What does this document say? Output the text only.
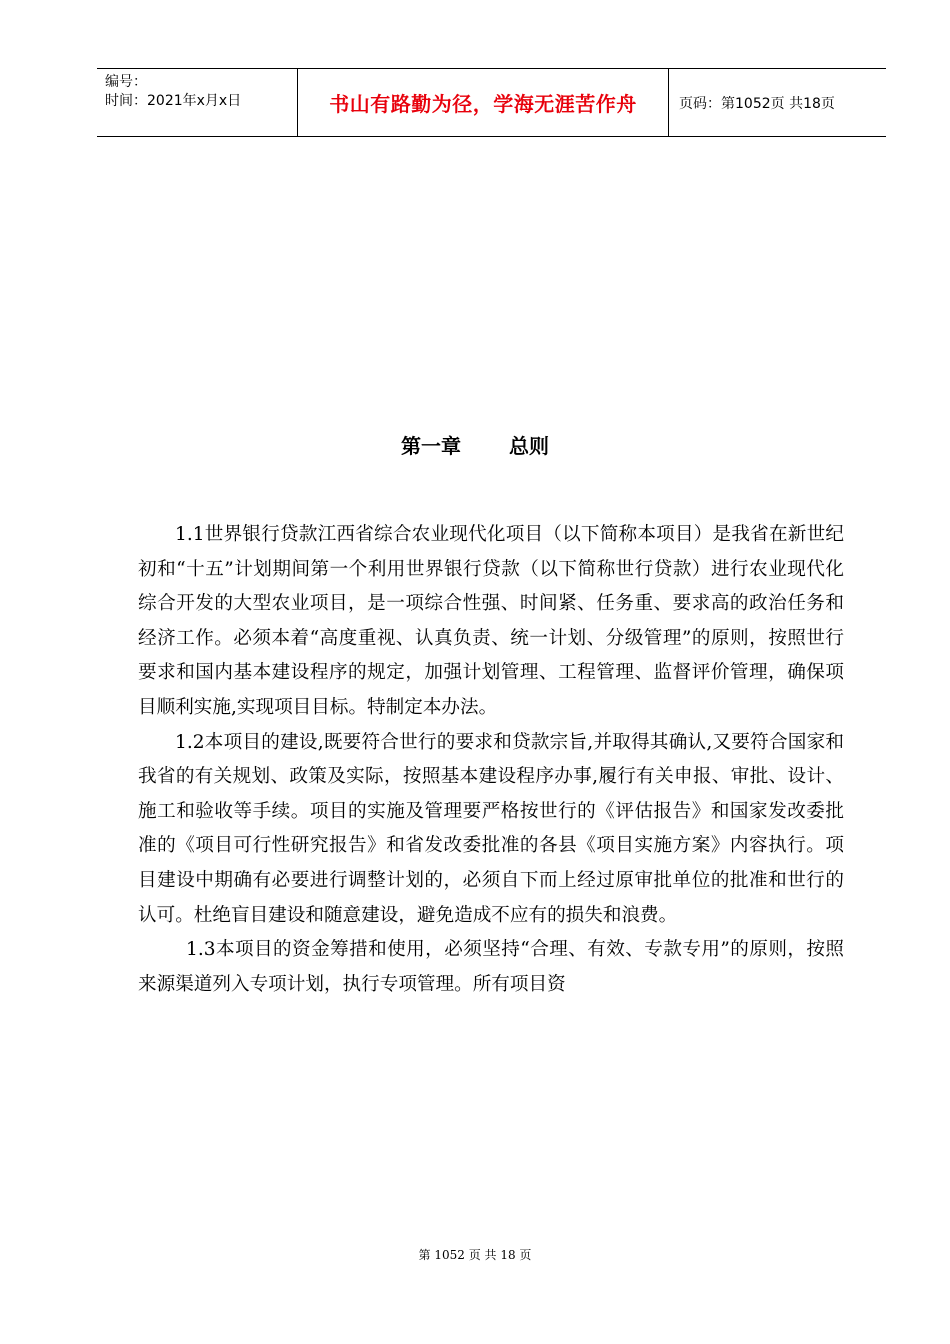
编号：
时间：2021年x月x日	书山有路勤为径，学海无涯苦作舟	页码：第1052页 共18页
第一章 总则

1.1世界银行贷款江西省综合农业现代化项目（以下简称本项目）是我省在新世纪初和“十五”计划期间第一个利用世界银行贷款（以下简称世行贷款）进行农业现代化综合开发的大型农业项目，是一项综合性强、时间紧、任务重、要求高的政治任务和经济工作。必须本着“高度重视、认真负责、统一计划、分级管理”的原则，按照世行要求和国内基本建设程序的规定，加强计划管理、工程管理、监督评价管理，确保项目顺利实施,实现项目目标。特制定本办法。

1.2本项目的建设,既要符合世行的要求和贷款宗旨,并取得其确认,又要符合国家和我省的有关规划、政策及实际，按照基本建设程序办事,履行有关申报、审批、设计、施工和验收等手续。项目的实施及管理要严格按世行的《评估报告》和国家发改委批准的《项目可行性研究报告》和省发改委批准的各县《项目实施方案》内容执行。项目建设中期确有必要进行调整计划的，必须自下而上经过原审批单位的批准和世行的认可。杜绝盲目建设和随意建设，避免造成不应有的损失和浪费。

1.3本项目的资金筹措和使用，必须坚持“合理、有效、专款专用”的原则，按照来源渠道列入专项计划，执行专项管理。所有项目资

第 1052 页 共 18 页
